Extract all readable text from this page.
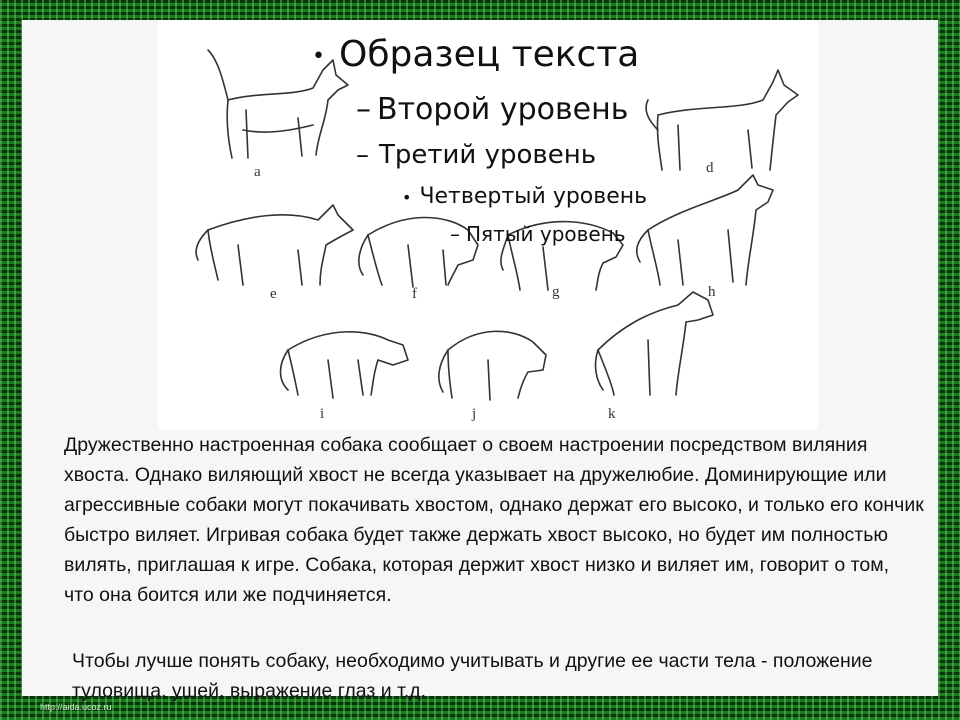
a	d
e	f	g	h
i	j	k
• Образец текста
– Второй уровень
– Третий уровень
• Четвертый уровень
– Пятый уровень
Дружественно настроенная собака сообщает о своем настроении посредством виляния хвоста. Однако виляющий хвост не всегда указывает на дружелюбие. Доминирующие или агрессивные собаки могут покачивать хвостом, однако держат его высоко, и только его кончик быстро виляет. Игривая собака будет также держать хвост высоко, но будет им полностью вилять, приглашая к игре. Собака, которая держит хвост низко и виляет им, говорит о том, что она боится или же подчиняется.
Чтобы лучше понять собаку, необходимо учитывать и другие ее части тела - положение туловища, ушей, выражение глаз и т.д.
http://aida.ucoz.ru
